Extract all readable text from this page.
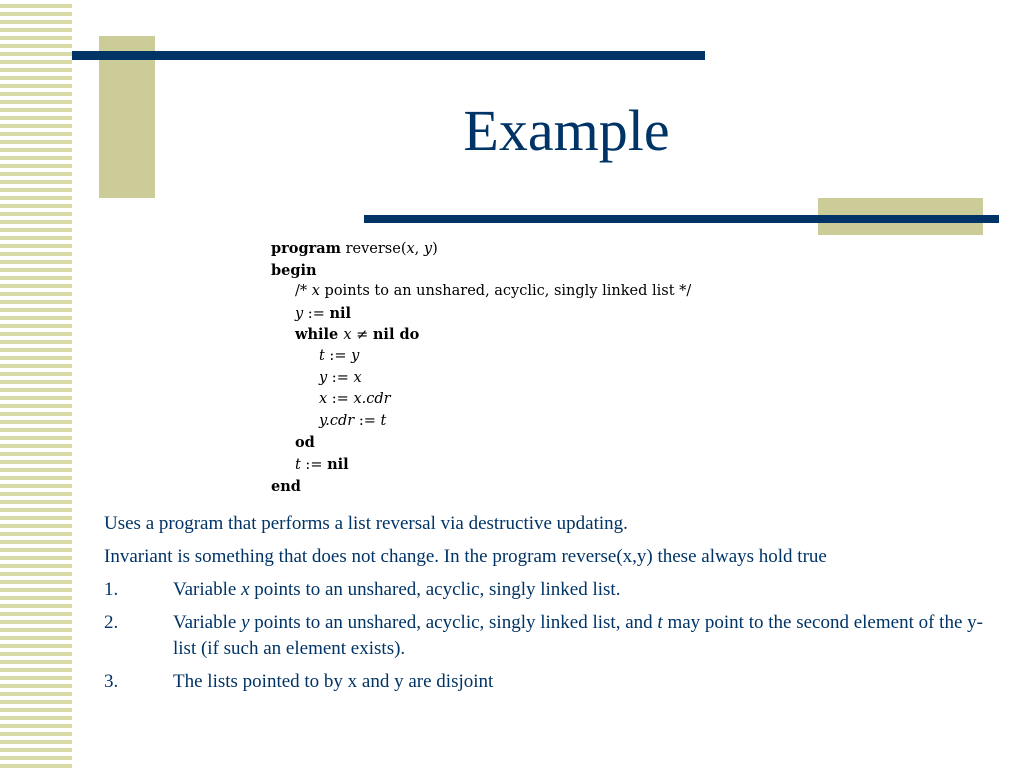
Example
program reverse(x, y)
begin
/* x points to an unshared, acyclic, singly linked list */
y := nil
while x ≠ nil do
t := y
y := x
x := x.cdr
y.cdr := t
od
t := nil
end
Uses a program that performs a list reversal via destructive updating.
Invariant is something that does not change. In the program reverse(x,y) these always hold true
1.	Variable x points to an unshared, acyclic, singly linked list.
2.	Variable y points to an unshared, acyclic, singly linked list, and t may point to the second element of the y-list (if such an element exists).
3.	The lists pointed to by x and y are disjoint
